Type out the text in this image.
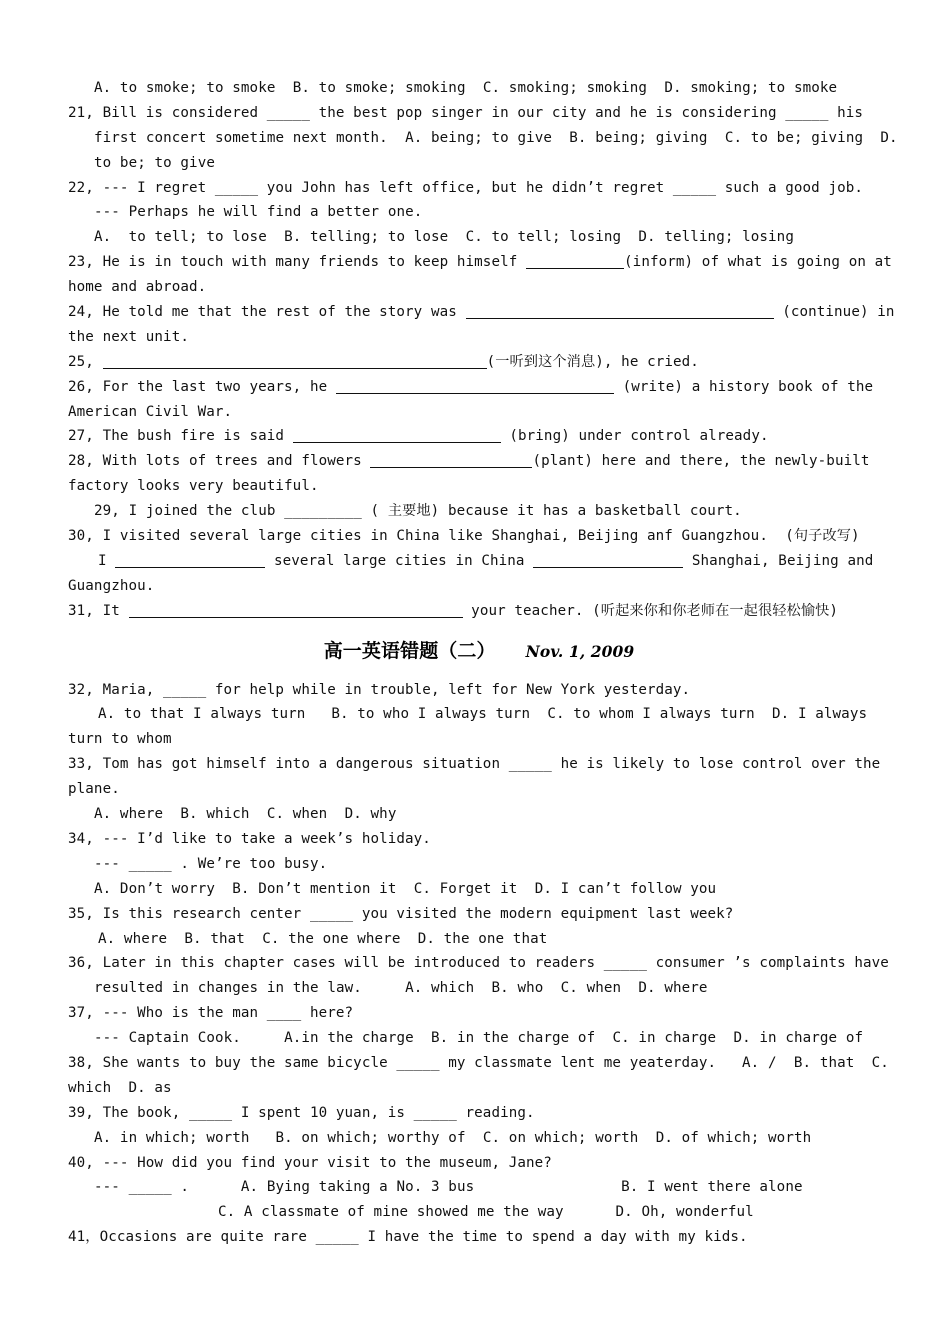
A. to smoke; to smoke  B. to smoke; smoking  C. smoking; smoking  D. smoking; to smoke
21, Bill is considered _____ the best pop singer in our city and he is considering _____ his
first concert sometime next month.  A. being; to give  B. being; giving  C. to be; giving  D.
to be; to give
22, --- I regret _____ you John has left office, but he didn’t regret _____ such a good job.
--- Perhaps he will find a better one.
A.  to tell; to lose  B. telling; to lose  C. to tell; losing  D. telling; losing
23, He is in touch with many friends to keep himself	(inform) of what is going on at
home and abroad.
24, He told me that the rest of the story was	(continue) in
the next unit.
25,	(一听到这个消息), he cried.
26, For the last two years, he	(write) a history book of the
American Civil War.
27, The bush fire is said	(bring) under control already.
28, With lots of trees and flowers	(plant) here and there, the newly-built
factory looks very beautiful.
29, I joined the club _________ ( 主要地) because it has a basketball court.
30, I visited several large cities in China like Shanghai, Beijing anf Guangzhou.  (句子改写)
I	several large cities in China	Shanghai, Beijing and
Guangzhou.
31, It	your teacher. (听起来你和你老师在一起很轻松愉快)
高一英语错题（二） Nov. 1, 2009
32, Maria, _____ for help while in trouble, left for New York yesterday.
A. to that I always turn   B. to who I always turn  C. to whom I always turn  D. I always
turn to whom
33, Tom has got himself into a dangerous situation _____ he is likely to lose control over the
plane.
A. where  B. which  C. when  D. why
34, --- I’d like to take a week’s holiday.
--- _____ . We’re too busy.
A. Don’t worry  B. Don’t mention it  C. Forget it  D. I can’t follow you
35, Is this research center _____ you visited the modern equipment last week?
A. where  B. that  C. the one where  D. the one that
36, Later in this chapter cases will be introduced to readers _____ consumer ’s complaints have
resulted in changes in the law.     A. which  B. who  C. when  D. where
37, --- Who is the man ____ here?
--- Captain Cook.     A.in the charge  B. in the charge of  C. in charge  D. in charge of
38, She wants to buy the same bicycle _____ my classmate lent me yeaterday.   A. /  B. that  C.
which  D. as
39, The book, _____ I spent 10 yuan, is _____ reading.
A. in which; worth   B. on which; worthy of  C. on which; worth  D. of which; worth
40, --- How did you find your visit to the museum, Jane?
--- _____ .      A. Bying taking a No. 3 bus                 B. I went there alone
C. A classmate of mine showed me the way      D. Oh, wonderful
41，Occasions are quite rare _____ I have the time to spend a day with my kids.
